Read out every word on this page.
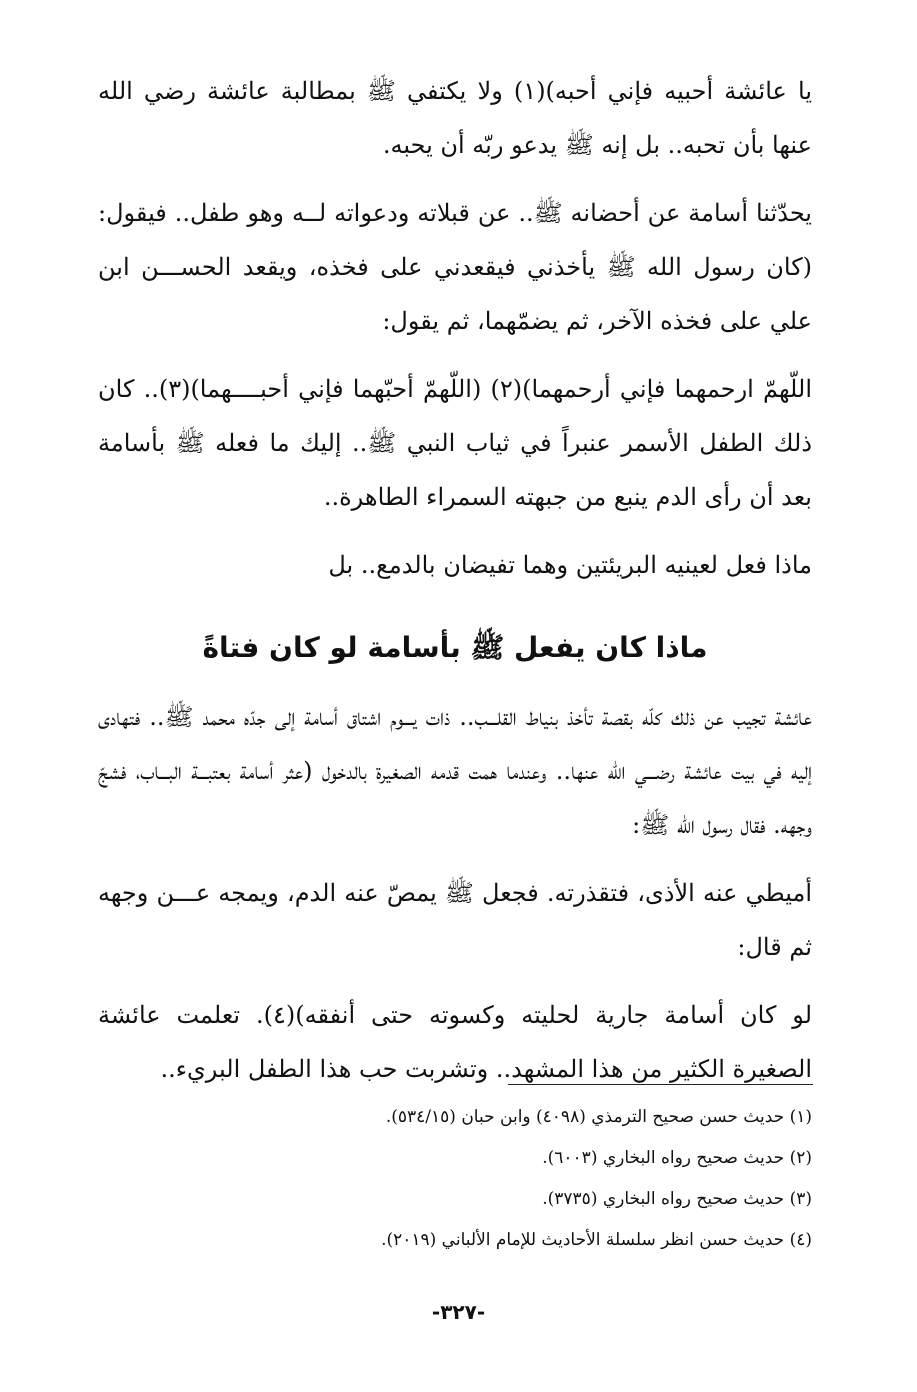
يا عائشة أحبيه فإني أحبه)(١) ولا يكتفي ﷺ بمطالبة عائشة رضي الله عنها بأن تحبه.. بل إنه ﷺ يدعو ربّه أن يحبه.

يحدّثنا أسامة عن أحضانه ﷺ.. عن قبلاته ودعواته لــه وهو طفل.. فيقول: (كان رسول الله ﷺ يأخذني فيقعدني على فخذه، ويقعد الحســـن ابن علي على فخذه الآخر، ثم يضمّهما، ثم يقول:

اللّهمّ ارحمهما فإني أرحمهما)(٢) (اللّهمّ أحبّهما فإني أحبــــهما)(٣).. كان ذلك الطفل الأسمر عنبراً في ثياب النبي ﷺ.. إليك ما فعله ﷺ بأسامة بعد أن رأى الدم ينبع من جبهته السمراء الطاهرة..

ماذا فعل لعينيه البريئتين وهما تفيضان بالدمع.. بل

ماذا كان يفعل ﷺ بأسامة لو كان فتاةً

عائشة تجيب عن ذلك كلّه بقصة تأخذ بنياط القلـــب.. ذات يـــوم اشتاق أسامة إلى جدّه محمد ﷺ.. فتهادى إليه في بيت عائشة رضـــي الله عنها.. وعندما همت قدمه الصغيرة بالدخول (عثر أسامة بعتبـــة البـــاب، فشجّ وجهه. فقال رسول الله ﷺ:

أميطي عنه الأذى، فتقذرته. فجعل ﷺ يمصّ عنه الدم، ويمجه عـــن وجهه ثم قال:

لو كان أسامة جارية لحليته وكسوته حتى أنفقه)(٤). تعلمت عائشة الصغيرة الكثير من هذا المشهد.. وتشربت حب هذا الطفل البريء..

(١) حديث حسن صحيح الترمذي (٤٠٩٨) وابن حبان (٥٣٤/١٥).

(٢) حديث صحيح رواه البخاري (٦٠٠٣).

(٣) حديث صحيح رواه البخاري (٣٧٣٥).

(٤) حديث حسن انظر سلسلة الأحاديث للإمام الألباني (٢٠١٩).

-٣٢٧-
